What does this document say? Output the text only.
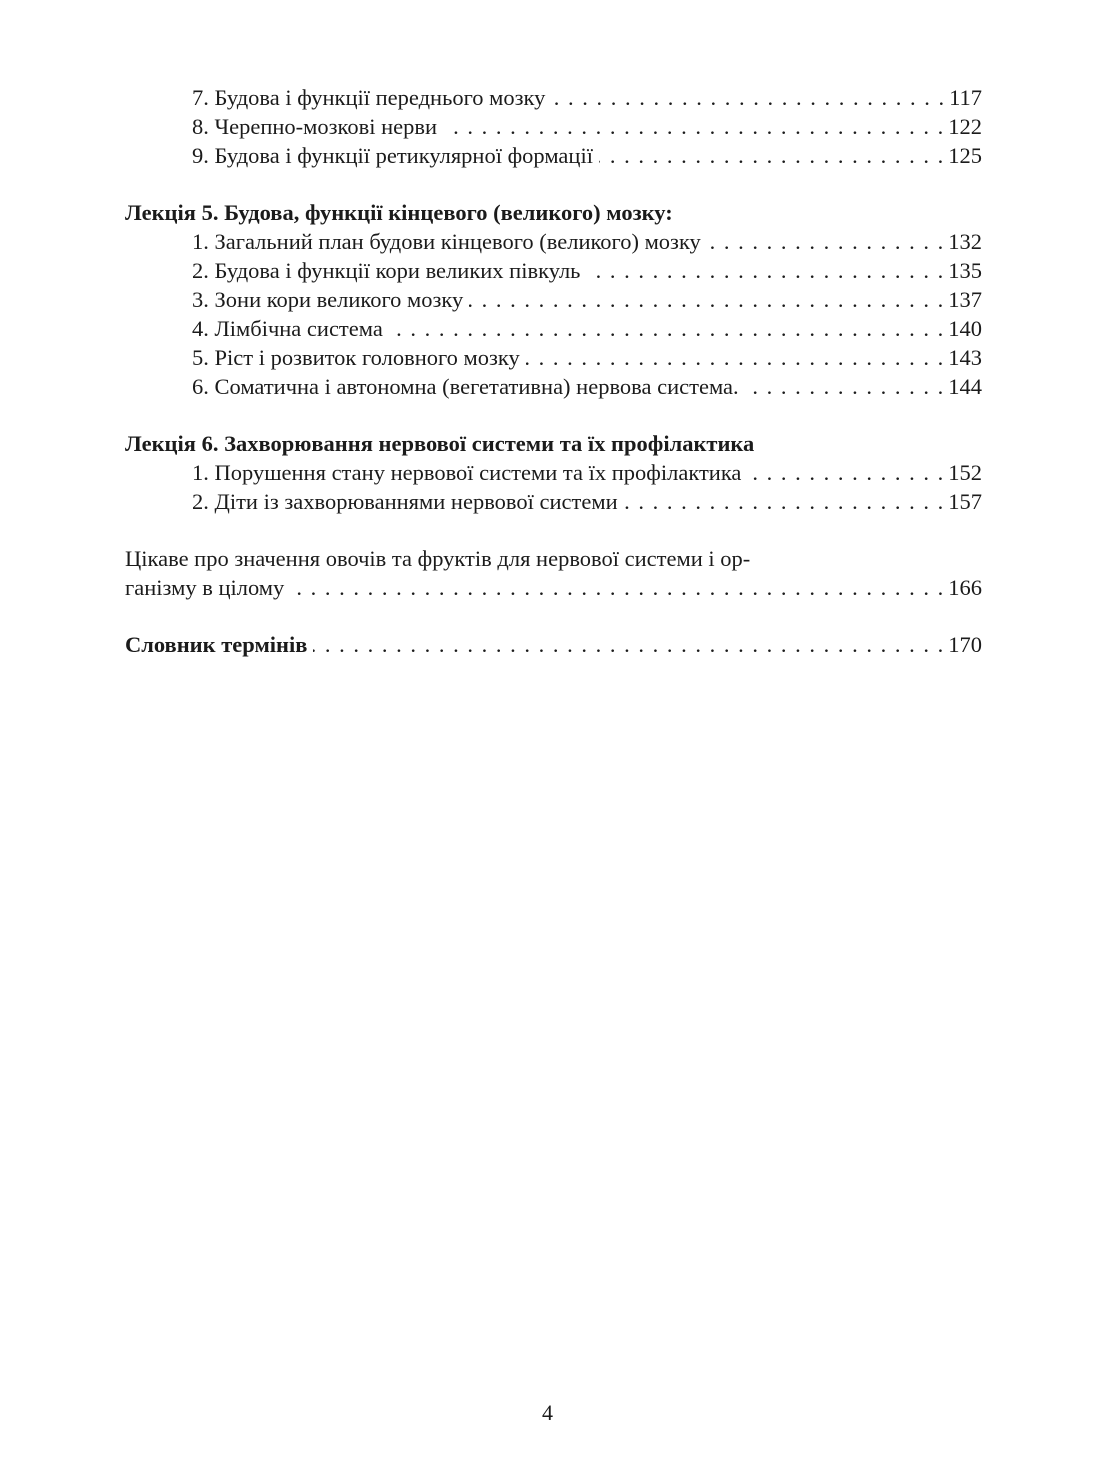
7. Будова і функції переднього мозку . . .	117
8. Черепно-мозкові нерви . . .	122
9. Будова і функції ретикулярної формації . . .	125
Лекція 5. Будова, функції кінцевого (великого) мозку:
1. Загальний план будови кінцевого (великого) мозку . . .	132
2. Будова і функції кори великих півкуль . . .	135
3. Зони кори великого мозку . . .	137
4. Лімбічна система . . .	140
5. Ріст і розвиток головного мозку . . .	143
6. Соматична і автономна (вегетативна) нервова система. . . .	144
Лекція 6. Захворювання нервової системи та їх профілактика
1. Порушення стану нервової системи та їх профілактика . . .	152
2. Діти із захворюваннями нервової системи . . .	157
Цікаве про значення овочів та фруктів для нервової системи і ор-
ганізму в цілому . . .	166
Словник термінів . . .	170
4
